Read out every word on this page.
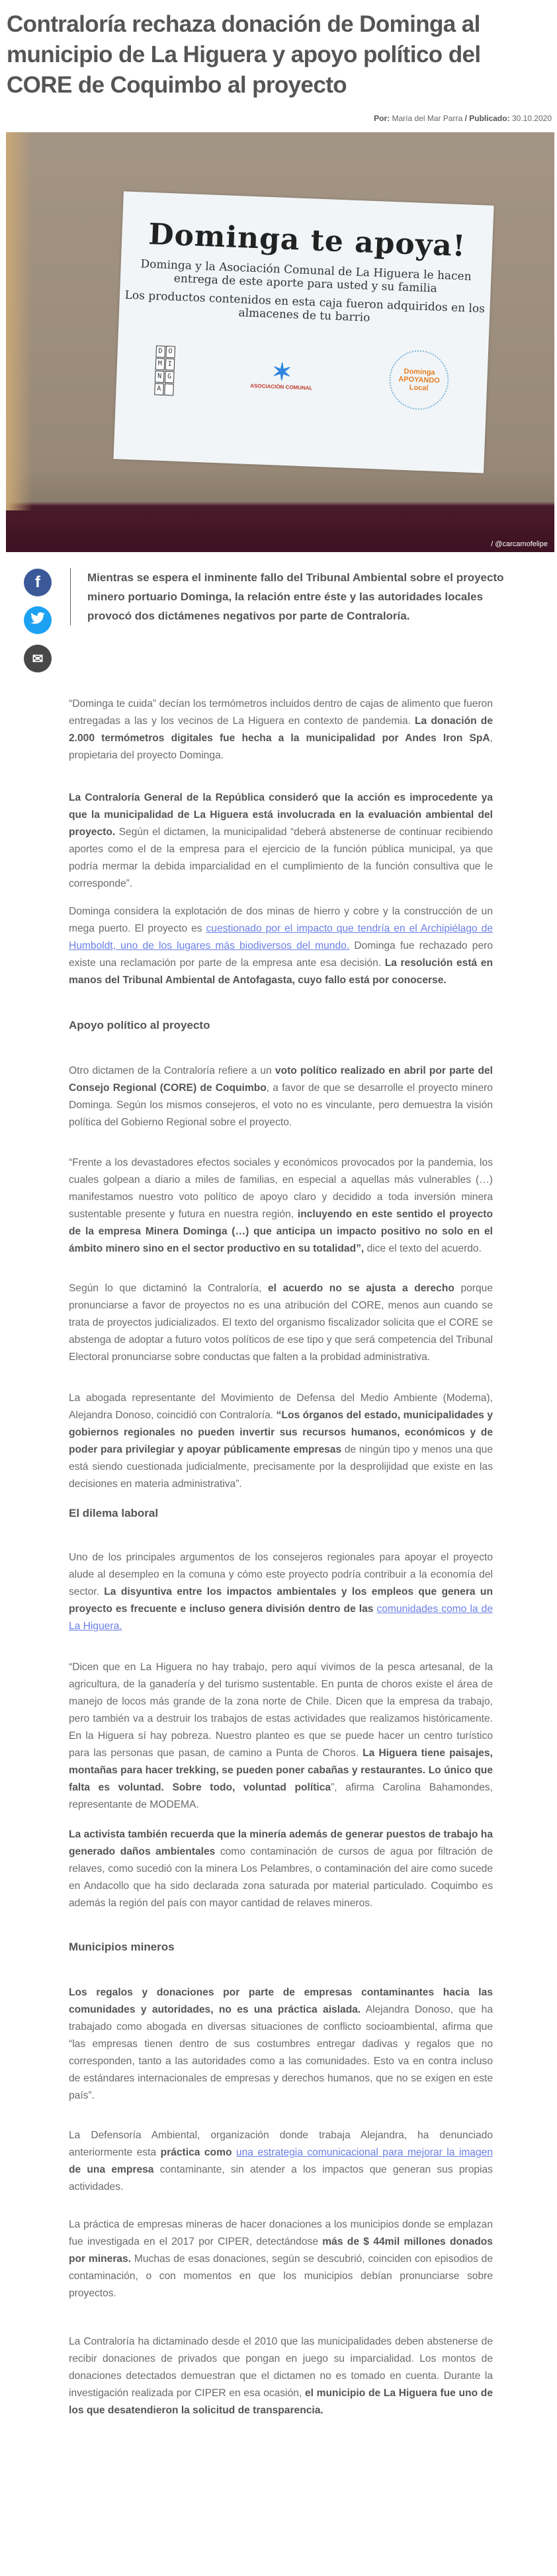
Contraloría rechaza donación de Dominga al municipio de La Higuera y apoyo político del CORE de Coquimbo al proyecto
Por: María del Mar Parra / Publicado: 30.10.2020
Dominga te apoya!
Dominga y la Asociación Comunal de La Higuera le hacen entrega de este aporte para usted y su familia
Los productos contenidos en esta caja fueron adquiridos en los almacenes de tu barrio
D O
M I
N G
A
✶
ASOCIACIÓN COMUNAL
Dominga
APOYANDO
Local
/ @carcamofelipe
f
✉

Mientras se espera el inminente fallo del Tribunal Ambiental sobre el proyecto minero portuario Dominga, la relación entre éste y las autoridades locales provocó dos dictámenes negativos por parte de Contraloría.

“Dominga te cuida” decían los termómetros incluidos dentro de cajas de alimento que fueron entregadas a las y los vecinos de La Higuera en contexto de pandemia. La donación de 2.000 termómetros digitales fue hecha a la municipalidad por Andes Iron SpA, propietaria del proyecto Dominga.

La Contraloría General de la República consideró que la acción es improcedente ya que la municipalidad de La Higuera está involucrada en la evaluación ambiental del proyecto. Según el dictamen, la municipalidad “deberá abstenerse de continuar recibiendo aportes como el de la empresa para el ejercicio de la función pública municipal, ya que podría mermar la debida imparcialidad en el cumplimiento de la función consultiva que le corresponde”.

Dominga considera la explotación de dos minas de hierro y cobre y la construcción de un mega puerto. El proyecto es cuestionado por el impacto que tendría en el Archipiélago de Humboldt, uno de los lugares más biodiversos del mundo. Dominga fue rechazado pero existe una reclamación por parte de la empresa ante esa decisión. La resolución está en manos del Tribunal Ambiental de Antofagasta, cuyo fallo está por conocerse.

Apoyo político al proyecto

Otro dictamen de la Contraloría refiere a un voto político realizado en abril por parte del Consejo Regional (CORE) de Coquimbo, a favor de que se desarrolle el proyecto minero Dominga. Según los mismos consejeros, el voto no es vinculante, pero demuestra la visión política del Gobierno Regional sobre el proyecto.

“Frente a los devastadores efectos sociales y económicos provocados por la pandemia, los cuales golpean a diario a miles de familias, en especial a aquellas más vulnerables (…) manifestamos nuestro voto político de apoyo claro y decidido a toda inversión minera sustentable presente y futura en nuestra región, incluyendo en este sentido el proyecto de la empresa Minera Dominga (…) que anticipa un impacto positivo no solo en el ámbito minero sino en el sector productivo en su totalidad”, dice el texto del acuerdo.

Según lo que dictaminó la Contraloría, el acuerdo no se ajusta a derecho porque pronunciarse a favor de proyectos no es una atribución del CORE, menos aun cuando se trata de proyectos judicializados. El texto del organismo fiscalizador solicita que el CORE se abstenga de adoptar a futuro votos políticos de ese tipo y que será competencia del Tribunal Electoral pronunciarse sobre conductas que falten a la probidad administrativa.

La abogada representante del Movimiento de Defensa del Medio Ambiente (Modema), Alejandra Donoso, coincidió con Contraloría. “Los órganos del estado, municipalidades y gobiernos regionales no pueden invertir sus recursos humanos, económicos y de poder para privilegiar y apoyar públicamente empresas de ningún tipo y menos una que está siendo cuestionada judicialmente, precisamente por la desprolijidad que existe en las decisiones en materia administrativa”.

El dilema laboral

Uno de los principales argumentos de los consejeros regionales para apoyar el proyecto alude al desempleo en la comuna y cómo este proyecto podría contribuir a la economía del sector. La disyuntiva entre los impactos ambientales y los empleos que genera un proyecto es frecuente e incluso genera división dentro de las comunidades como la de La Higuera.

“Dicen que en La Higuera no hay trabajo, pero aquí vivimos de la pesca artesanal, de la agricultura, de la ganadería y del turismo sustentable. En punta de choros existe el área de manejo de locos más grande de la zona norte de Chile. Dicen que la empresa da trabajo, pero también va a destruir los trabajos de estas actividades que realizamos históricamente. En la Higuera sí hay pobreza. Nuestro planteo es que se puede hacer un centro turístico para las personas que pasan, de camino a Punta de Choros. La Higuera tiene paisajes, montañas para hacer trekking, se pueden poner cabañas y restaurantes. Lo único que falta es voluntad. Sobre todo, voluntad política”, afirma Carolina Bahamondes, representante de MODEMA.

La activista también recuerda que la minería además de generar puestos de trabajo ha generado daños ambientales como contaminación de cursos de agua por filtración de relaves, como sucedió con la minera Los Pelambres, o contaminación del aire como sucede en Andacollo que ha sido declarada zona saturada por material particulado. Coquimbo es además la región del país con mayor cantidad de relaves mineros.

Municipios mineros

Los regalos y donaciones por parte de empresas contaminantes hacia las comunidades y autoridades, no es una práctica aislada. Alejandra Donoso, que ha trabajado como abogada en diversas situaciones de conflicto socioambiental, afirma que “las empresas tienen dentro de sus costumbres entregar dadivas y regalos que no corresponden, tanto a las autoridades como a las comunidades. Esto va en contra incluso de estándares internacionales de empresas y derechos humanos, que no se exigen en este país”.

La Defensoría Ambiental, organización donde trabaja Alejandra, ha denunciado anteriormente esta práctica como una estrategia comunicacional para mejorar la imagen de una empresa contaminante, sin atender a los impactos que generan sus propias actividades.

La práctica de empresas mineras de hacer donaciones a los municipios donde se emplazan fue investigada en el 2017 por CIPER, detectándose más de $ 44mil millones donados por mineras. Muchas de esas donaciones, según se descubrió, coinciden con episodios de contaminación, o con momentos en que los municipios debían pronunciarse sobre proyectos.

La Contraloría ha dictaminado desde el 2010 que las municipalidades deben abstenerse de recibir donaciones de privados que pongan en juego su imparcialidad. Los montos de donaciones detectados demuestran que el dictamen no es tomado en cuenta. Durante la investigación realizada por CIPER en esa ocasión, el municipio de La Higuera fue uno de los que desatendieron la solicitud de transparencia.
